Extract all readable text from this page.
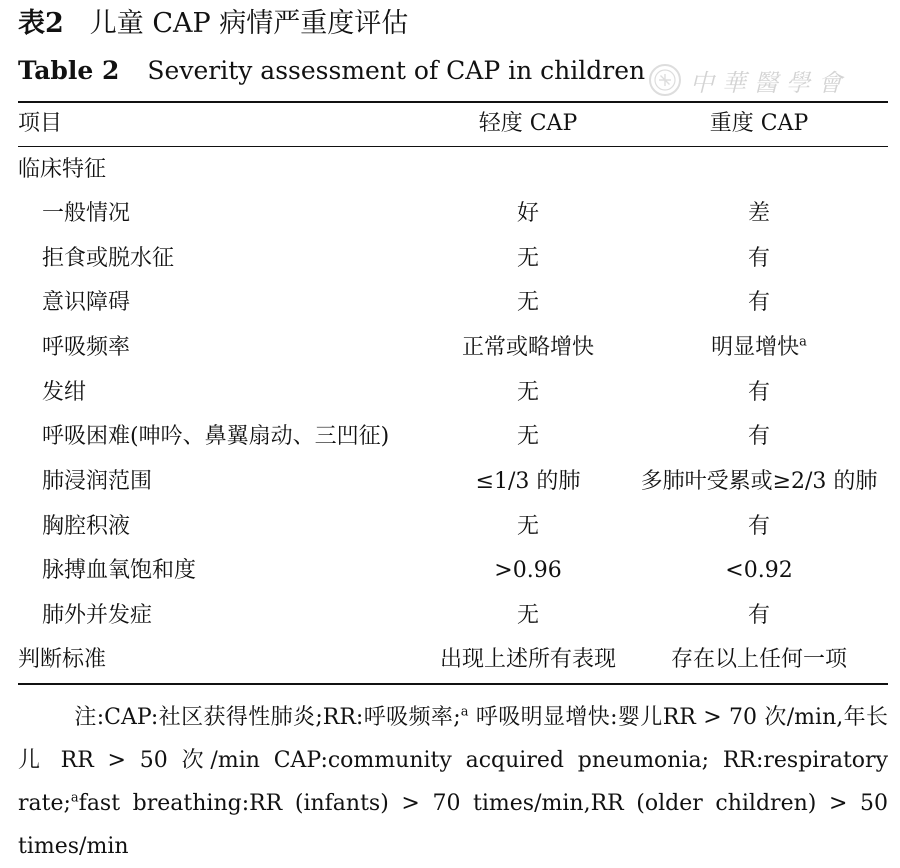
表2 儿童 CAP 病情严重度评估
Table 2 Severity assessment of CAP in children 中華醫學會
项目	轻度 CAP	重度 CAP
临床特征
一般情况	好	差
拒食或脱水征	无	有
意识障碍	无	有
呼吸频率	正常或略增快	明显增快$^a$
发绀	无	有
呼吸困难(呻吟、鼻翼扇动、三凹征)	无	有
肺浸润范围	≤1/3 的肺	多肺叶受累或≥2/3 的肺
胸腔积液	无	有
脉搏血氧饱和度	>0.96	<0.92
肺外并发症	无	有
判断标准	出现上述所有表现	存在以上任何一项
注:CAP:社区获得性肺炎;RR:呼吸频率;$^a$ 呼吸明显增快:婴儿RR > 70 次/min,年长儿 RR > 50 次/min CAP:community acquired pneumonia; RR:respiratory rate;$^a$fast breathing:RR (infants) > 70 times/min,RR (older children) > 50 times/min
